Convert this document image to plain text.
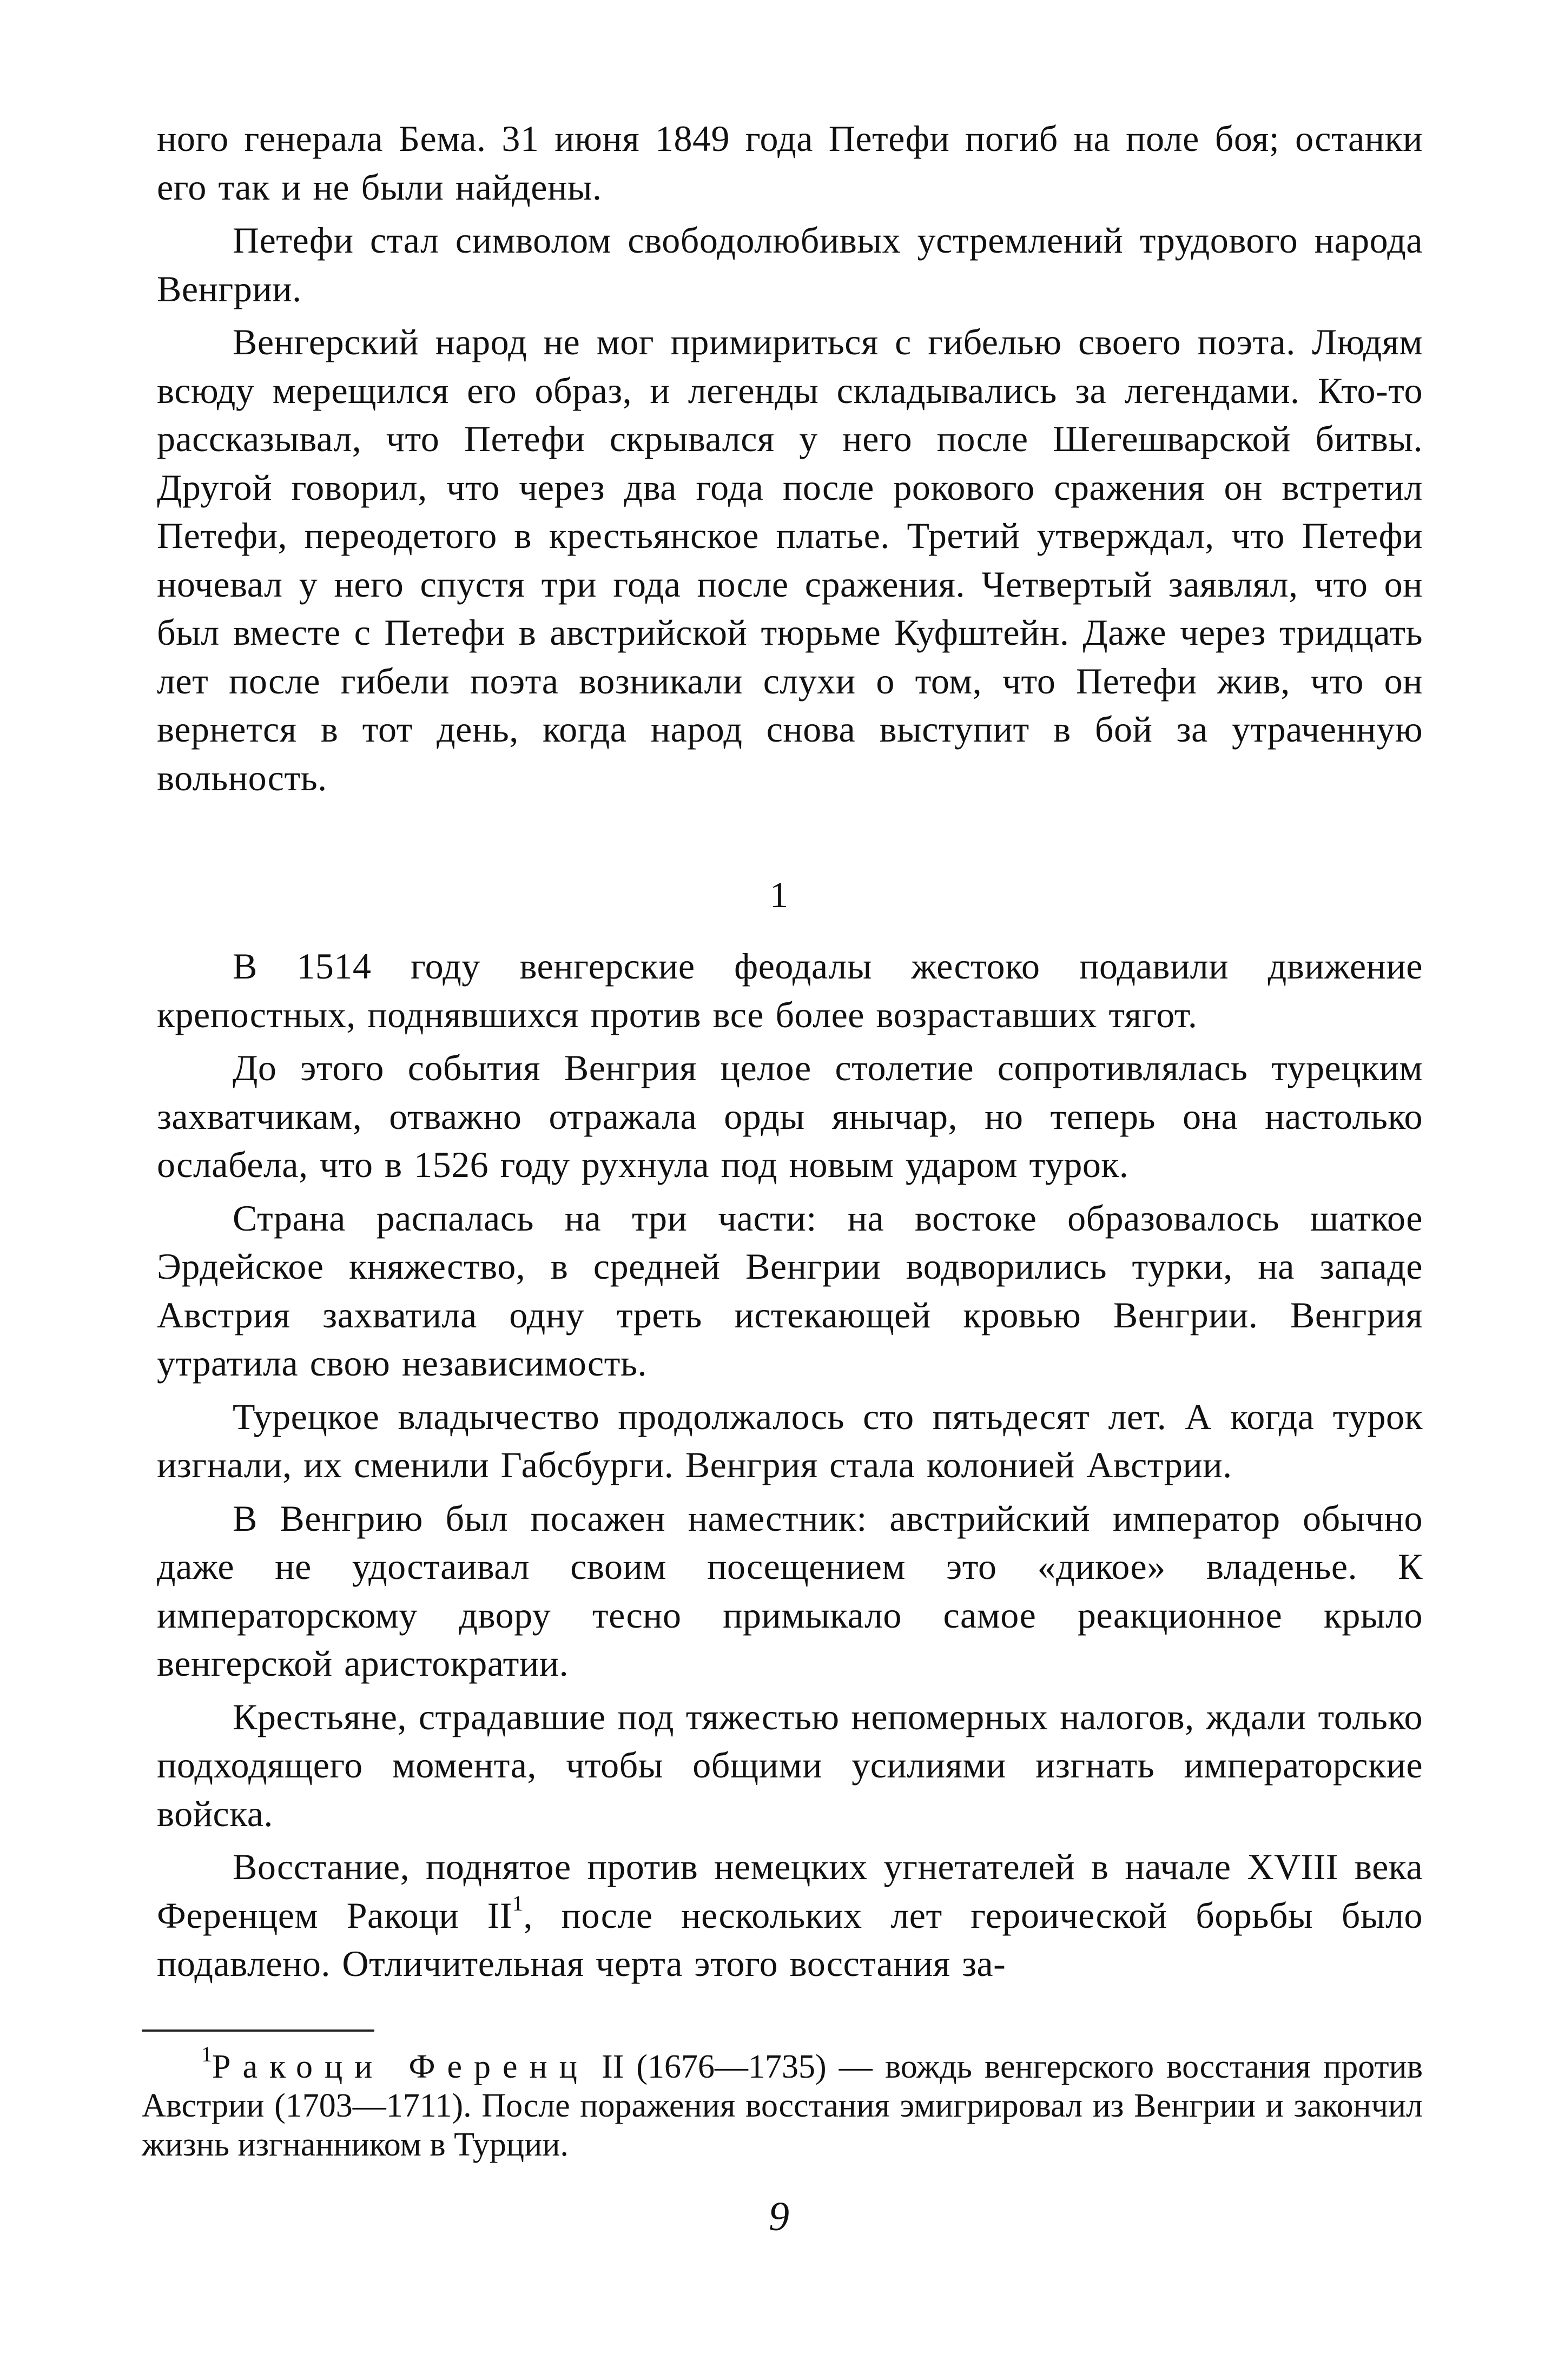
ного генерала Бема. 31 июня 1849 года Петефи погиб на поле боя; останки его так и не были найдены.

Петефи стал символом свободолюбивых устремлений трудового народа Венгрии.

Венгерский народ не мог примириться с гибелью своего поэта. Людям всюду мерещился его образ, и легенды складывались за легендами. Кто-то рассказывал, что Петефи скрывался у него после Шегешварской битвы. Другой говорил, что через два года после рокового сражения он встретил Петефи, переодетого в крестьянское платье. Третий утверждал, что Петефи ночевал у него спустя три года после сражения. Четвертый заявлял, что он был вместе с Петефи в австрийской тюрьме Куфштейн. Даже через тридцать лет после гибели поэта возникали слухи о том, что Петефи жив, что он вернется в тот день, когда народ снова выступит в бой за утраченную вольность.

1

В 1514 году венгерские феодалы жестоко подавили движение крепостных, поднявшихся против все более возраставших тягот.

До этого события Венгрия целое столетие сопротивлялась турецким захватчикам, отважно отражала орды янычар, но теперь она настолько ослабела, что в 1526 году рухнула под новым ударом турок.

Страна распалась на три части: на востоке образовалось шаткое Эрдейское княжество, в средней Венгрии водворились турки, на западе Австрия захватила одну треть истекающей кровью Венгрии. Венгрия утратила свою независимость.

Турецкое владычество продолжалось сто пятьдесят лет. А когда турок изгнали, их сменили Габсбурги. Венгрия стала колонией Австрии.

В Венгрию был посажен наместник: австрийский император обычно даже не удостаивал своим посещением это «дикое» владенье. К императорскому двору тесно примыкало самое реакционное крыло венгерской аристократии.

Крестьяне, страдавшие под тяжестью непомерных налогов, ждали только подходящего момента, чтобы общими усилиями изгнать императорские войска.

Восстание, поднятое против немецких угнетателей в начале XVIII века Ференцем Ракоци II$^1$, после нескольких лет героической борьбы было подавлено. Отличительная черта этого восстания за-

$^1$Ракоци Ференц II (1676—1735) — вождь венгерского восстания против Австрии (1703—1711). После поражения восстания эмигрировал из Венгрии и закончил жизнь изгнанником в Турции.

9
